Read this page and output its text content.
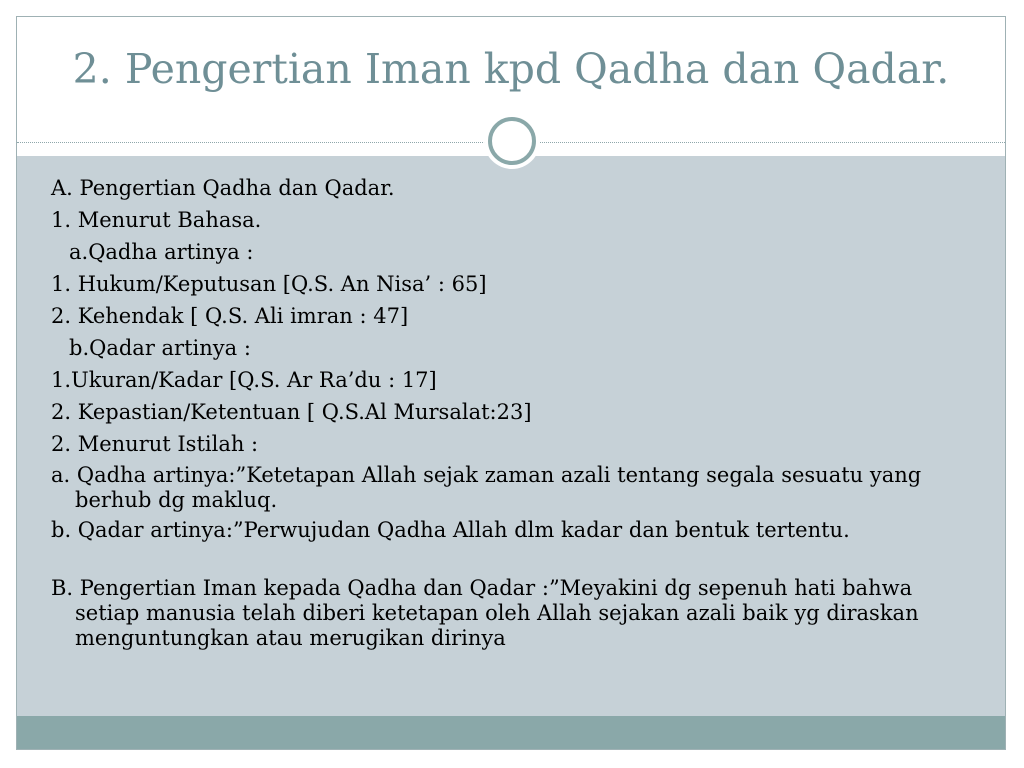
2. Pengertian Iman kpd Qadha dan Qadar.

A. Pengertian Qadha dan Qadar.

1. Menurut Bahasa.

a.Qadha artinya :

1. Hukum/Keputusan [Q.S. An Nisa’ : 65]

2. Kehendak [ Q.S. Ali imran : 47]

b.Qadar artinya :

1.Ukuran/Kadar [Q.S. Ar Ra’du : 17]

2. Kepastian/Ketentuan [ Q.S.Al Mursalat:23]

2. Menurut Istilah :

a. Qadha artinya:”Ketetapan Allah sejak zaman azali tentang segala sesuatu yang berhub dg makluq.

b. Qadar artinya:”Perwujudan Qadha Allah dlm kadar dan bentuk tertentu.

B. Pengertian Iman kepada Qadha dan Qadar :”Meyakini dg sepenuh hati bahwa setiap manusia telah diberi ketetapan oleh Allah sejakan azali baik yg diraskan menguntungkan atau merugikan dirinya
